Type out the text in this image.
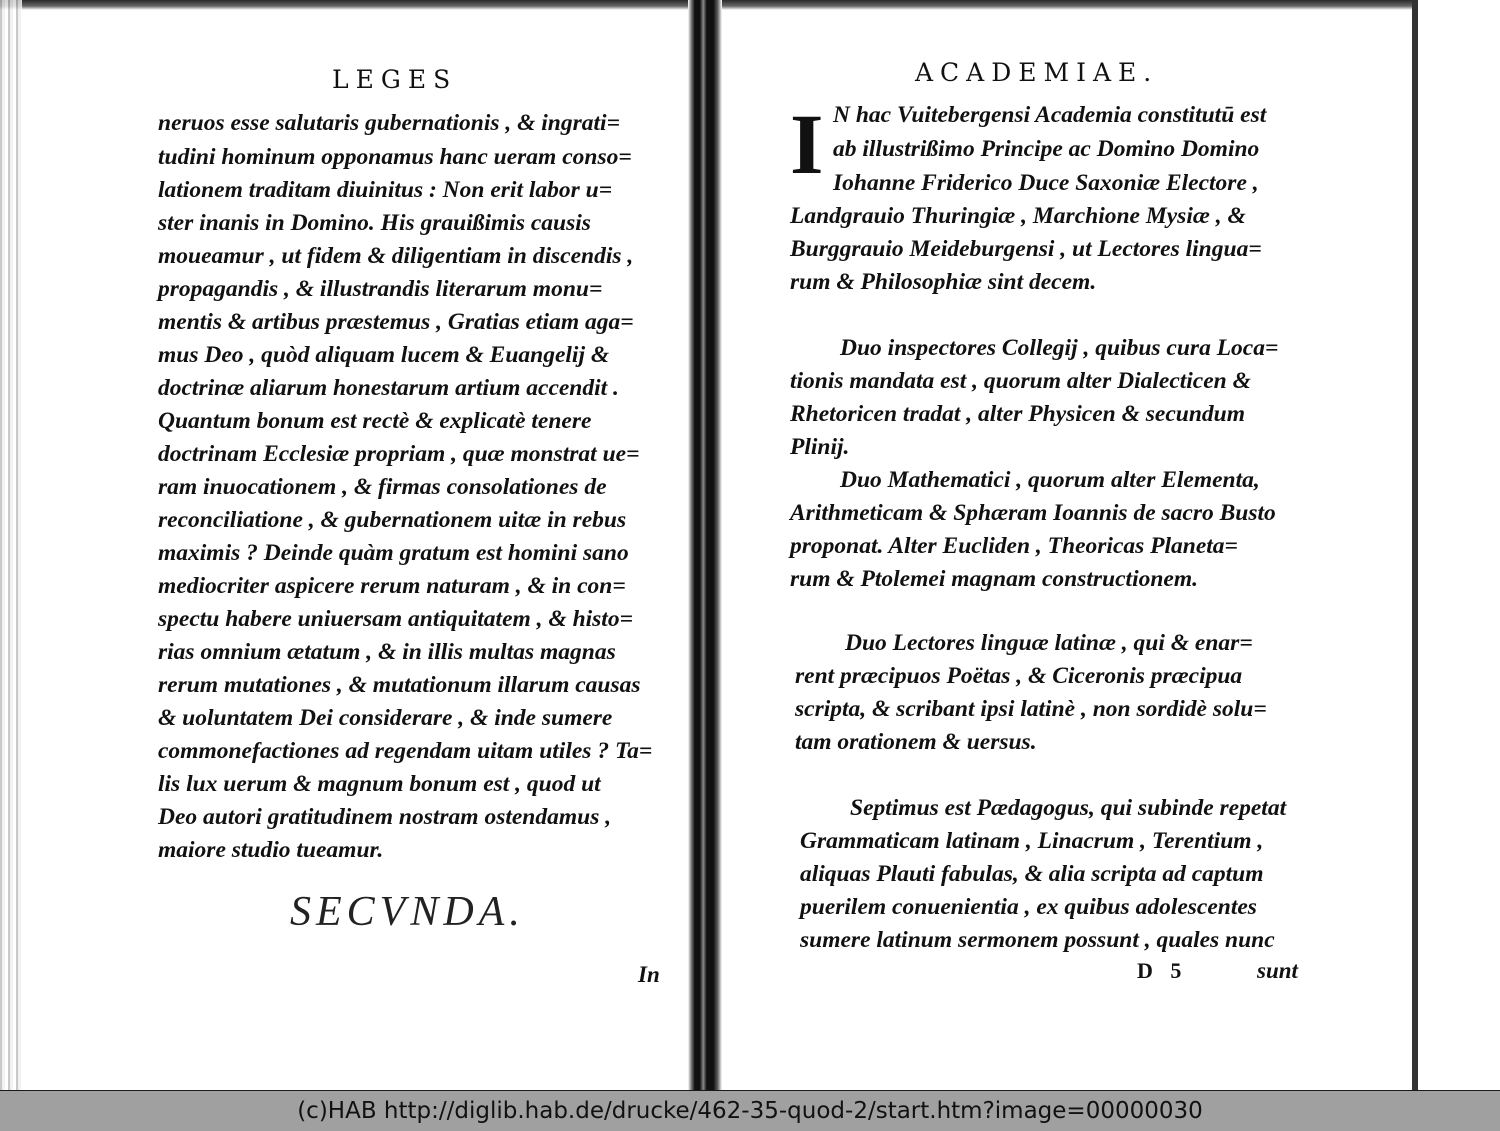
LEGES
neruos esse salutaris gubernationis , & ingrati=
tudini hominum opponamus hanc ueram conso=
lationem traditam diuinitus : Non erit labor u=
ster inanis in Domino. His grauißimis causis
moueamur , ut fidem & diligentiam in discendis ,
propagandis , & illustrandis literarum monu=
mentis & artibus præstemus , Gratias etiam aga=
mus Deo , quòd aliquam lucem & Euangelij &
doctrinæ aliarum honestarum artium accendit .
Quantum bonum est rectè & explicatè tenere
doctrinam Ecclesiæ propriam , quæ monstrat ue=
ram inuocationem , & firmas consolationes de
reconciliatione , & gubernationem uitæ in rebus
maximis ? Deinde quàm gratum est homini sano
mediocriter aspicere rerum naturam , & in con=
spectu habere uniuersam antiquitatem , & histo=
rias omnium ætatum , & in illis multas magnas
rerum mutationes , & mutationum illarum causas
& uoluntatem Dei considerare , & inde sumere
commonefactiones ad regendam uitam utiles ? Ta=
lis lux uerum & magnum bonum est , quod ut
Deo autori gratitudinem nostram ostendamus ,
maiore studio tueamur.
SECVNDA.
In
ACADEMIAE.
I N hac Vuitebergensi Academia constitutū est
ab illustrißimo Principe ac Domino Domino
Iohanne Friderico Duce Saxoniæ Electore ,
Landgrauio Thuringiæ , Marchione Mysiæ , &
Burggrauio Meideburgensi , ut Lectores lingua=
rum & Philosophiæ sint decem.
Duo inspectores Collegij , quibus cura Loca=
tionis mandata est , quorum alter Dialecticen &
Rhetoricen tradat , alter Physicen & secundum
Plinij.
Duo Mathematici , quorum alter Elementa,
Arithmeticam & Sphæram Ioannis de sacro Busto
proponat. Alter Eucliden , Theoricas Planeta=
rum & Ptolemei magnam constructionem.
Duo Lectores linguæ latinæ , qui & enar=
rent præcipuos Poëtas , & Ciceronis præcipua
scripta, & scribant ipsi latinè , non sordidè solu=
tam orationem & uersus.
Septimus est Pædagogus, qui subinde repetat
Grammaticam latinam , Linacrum , Terentium ,
aliquas Plauti fabulas, & alia scripta ad captum
puerilem conuenientia , ex quibus adolescentes
sumere latinum sermonem possunt , quales nunc
D 5	sunt
(c)HAB http://diglib.hab.de/drucke/462-35-quod-2/start.htm?image=00000030
